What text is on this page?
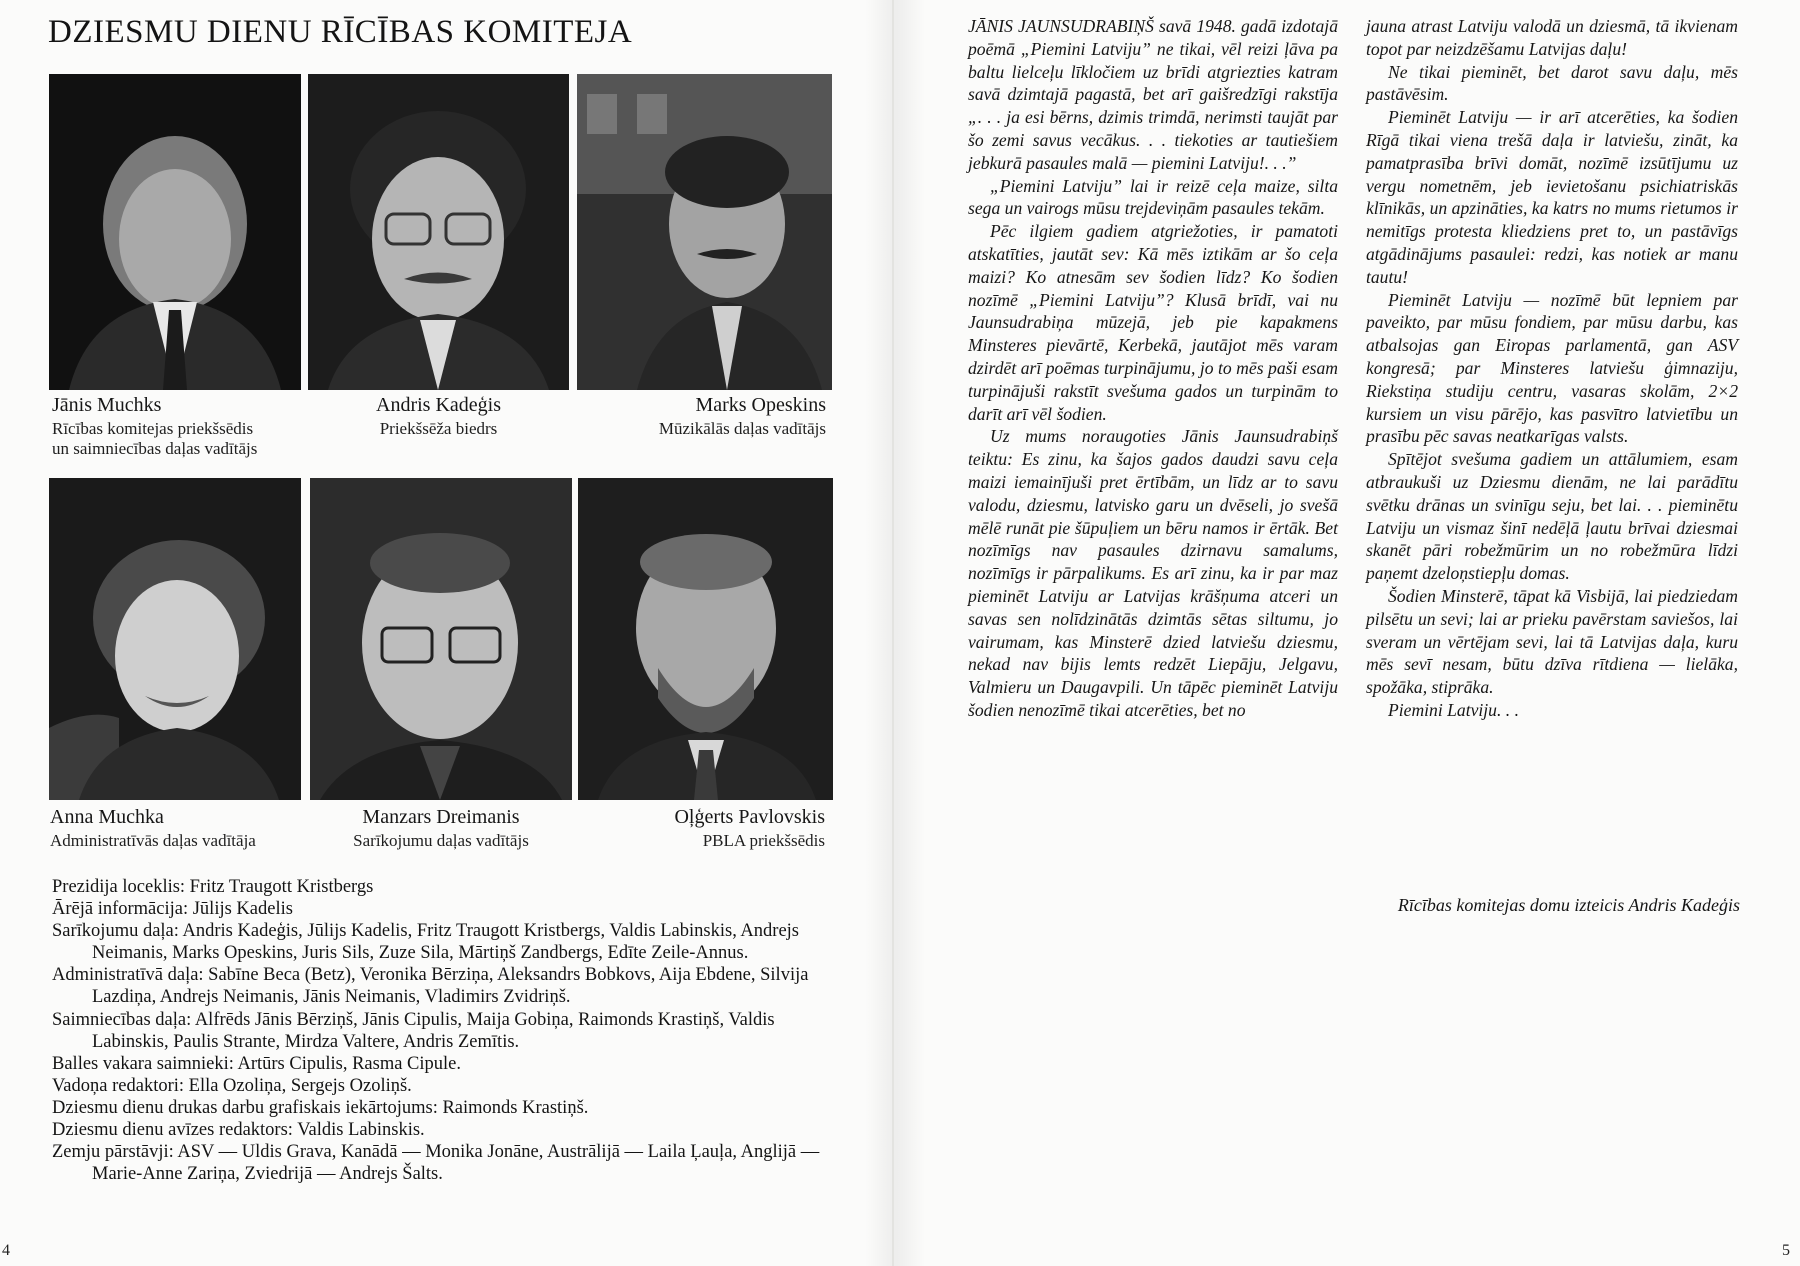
DZIESMU DIENU RĪCĪBAS KOMITEJA
Jānis Muchks
Rīcības komitejas priekšsēdis
un saimniecības daļas vadītājs
Andris Kadeģis
Priekšsēža biedrs
Marks Opeskins
Mūzikālās daļas vadītājs
Anna Muchka
Administratīvās daļas vadītāja
Manzars Dreimanis
Sarīkojumu daļas vadītājs
Oļģerts Pavlovskis
PBLA priekšsēdis
Prezidija loceklis: Fritz Traugott Kristbergs
Ārējā informācija: Jūlijs Kadelis
Sarīkojumu daļa: Andris Kadeģis, Jūlijs Kadelis, Fritz Traugott Kristbergs, Valdis Labinskis, Andrejs Neimanis, Marks Opeskins, Juris Sils, Zuze Sila, Mārtiņš Zandbergs, Edīte Zeile-Annus.
Administratīvā daļa: Sabīne Beca (Betz), Veronika Bērziņa, Aleksandrs Bobkovs, Aija Ebdene, Silvija Lazdiņa, Andrejs Neimanis, Jānis Neimanis, Vladimirs Zvidriņš.
Saimniecības daļa: Alfrēds Jānis Bērziņš, Jānis Cipulis, Maija Gobiņa, Raimonds Krastiņš, Valdis Labinskis, Paulis Strante, Mirdza Valtere, Andris Zemītis.
Balles vakara saimnieki: Artūrs Cipulis, Rasma Cipule.
Vadoņa redaktori: Ella Ozoliņa, Sergejs Ozoliņš.
Dziesmu dienu drukas darbu grafiskais iekārtojums: Raimonds Krastiņš.
Dziesmu dienu avīzes redaktors: Valdis Labinskis.
Zemju pārstāvji: ASV — Uldis Grava, Kanādā — Monika Jonāne, Austrālijā — Laila Ļauļa, Anglijā — Marie-Anne Zariņa, Zviedrijā — Andrejs Šalts.
4

JĀNIS JAUNSUDRABIŅŠ savā 1948. gadā izdotajā poēmā „Piemini Latviju” ne tikai, vēl reizi ļāva pa baltu lielceļu līkločiem uz brīdi atgriezties katram savā dzimtajā pagastā, bet arī gaišredzīgi rakstīja „. . . ja esi bērns, dzimis trimdā, nerimsti taujāt par šo zemi savus vecākus. . . tiekoties ar tautiešiem jebkurā pasaules malā — piemini Latviju!. . .”

„Piemini Latviju” lai ir reizē ceļa maize, silta sega un vairogs mūsu trejdeviņām pasaules tekām.

Pēc ilgiem gadiem atgriežoties, ir pamatoti atskatīties, jautāt sev: Kā mēs iztikām ar šo ceļa maizi? Ko atnesām sev šodien līdz? Ko šodien nozīmē „Piemini Latviju”? Klusā brīdī, vai nu Jaunsudrabiņa mūzejā, jeb pie kapakmens Minsteres pievārtē, Kerbekā, jautājot mēs varam dzirdēt arī poēmas turpinājumu, jo to mēs paši esam turpinājuši rakstīt svešuma gados un turpinām to darīt arī vēl šodien.

Uz mums noraugoties Jānis Jaunsudrabiņš teiktu: Es zinu, ka šajos gados daudzi savu ceļa maizi iemainījuši pret ērtībām, un līdz ar to savu valodu, dziesmu, latvisko garu un dvēseli, jo svešā mēlē runāt pie šūpuļiem un bēru namos ir ērtāk. Bet nozīmīgs nav pasaules dzirnavu samalums, nozīmīgs ir pārpalikums. Es arī zinu, ka ir par maz pieminēt Latviju ar Latvijas krāšņuma atceri un savas sen nolīdzinātās dzimtās sētas siltumu, jo vairumam, kas Minsterē dzied latviešu dziesmu, nekad nav bijis lemts redzēt Liepāju, Jelgavu, Valmieru un Daugavpili. Un tāpēc pieminēt Latviju šodien nenozīmē tikai atcerēties, bet no

jauna atrast Latviju valodā un dziesmā, tā ikvienam topot par neizdzēšamu Latvijas daļu!

Ne tikai pieminēt, bet darot savu daļu, mēs pastāvēsim.

Pieminēt Latviju — ir arī atcerēties, ka šodien Rīgā tikai viena trešā daļa ir latviešu, zināt, ka pamatprasība brīvi domāt, nozīmē izsūtījumu uz vergu nometnēm, jeb ievietošanu psichiatriskās klīnikās, un apzināties, ka katrs no mums rietumos ir nemitīgs protesta kliedziens pret to, un pastāvīgs atgādinājums pasaulei: redzi, kas notiek ar manu tautu!

Pieminēt Latviju — nozīmē būt lepniem par paveikto, par mūsu fondiem, par mūsu darbu, kas atbalsojas gan Eiropas parlamentā, gan ASV kongresā; par Minsteres latviešu ģimnaziju, Riekstiņa studiju centru, vasaras skolām, 2×2 kursiem un visu pārējo, kas pasvītro latvietību un prasību pēc savas neatkarīgas valsts.

Spītējot svešuma gadiem un attālumiem, esam atbraukuši uz Dziesmu dienām, ne lai parādītu svētku drānas un svinīgu seju, bet lai. . . pieminētu Latviju un vismaz šinī nedēļā ļautu brīvai dziesmai skanēt pāri robežmūrim un no robežmūra līdzi paņemt dzeloņstiepļu domas.

Šodien Minsterē, tāpat kā Visbijā, lai piedziedam pilsētu un sevi; lai ar prieku pavērstam saviešos, lai sveram un vērtējam sevi, lai tā Latvijas daļa, kuru mēs sevī nesam, būtu dzīva rītdiena — lielāka, spožāka, stiprāka.

Piemini Latviju. . .

Rīcības komitejas domu izteicis Andris Kadeģis
5
